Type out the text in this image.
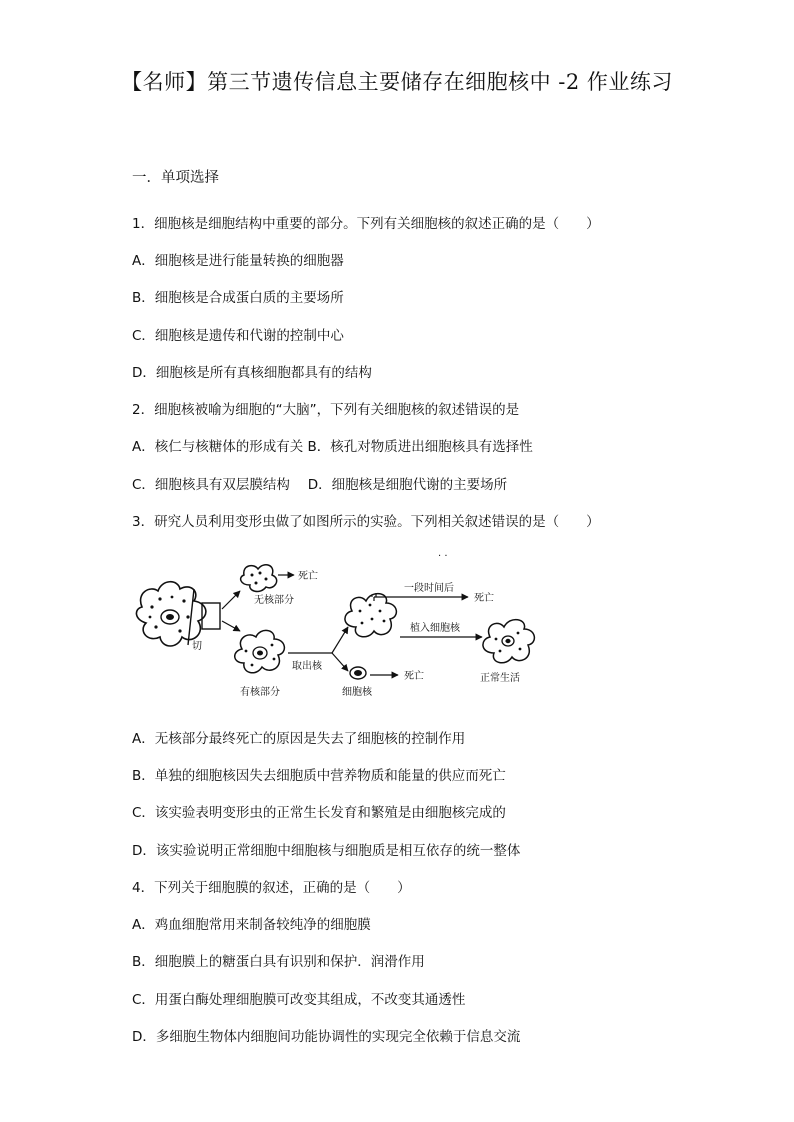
【名师】第三节遗传信息主要储存在细胞核中 -2 作业练习
一．单项选择
1．细胞核是细胞结构中重要的部分。下列有关细胞核的叙述正确的是（　　）
A．细胞核是进行能量转换的细胞器
B．细胞核是合成蛋白质的主要场所
C．细胞核是遗传和代谢的控制中心
D．细胞核是所有真核细胞都具有的结构
2．细胞核被喻为细胞的“大脑”，下列有关细胞核的叙述错误的是
A．核仁与核糖体的形成有关 B．核孔对物质进出细胞核具有选择性
C．细胞核具有双层膜结构　 D．细胞核是细胞代谢的主要场所
3．研究人员利用变形虫做了如图所示的实验。下列相关叙述错误的是（　　）
· ·
切
无核部分
死亡
有核部分
取出核
一段时间后
死亡
植入细胞核
正常生活
细胞核
死亡
A．无核部分最终死亡的原因是失去了细胞核的控制作用
B．单独的细胞核因失去细胞质中营养物质和能量的供应而死亡
C．该实验表明变形虫的正常生长发育和繁殖是由细胞核完成的
D．该实验说明正常细胞中细胞核与细胞质是相互依存的统一整体
4．下列关于细胞膜的叙述，正确的是（　　）
A．鸡血细胞常用来制备较纯净的细胞膜
B．细胞膜上的糖蛋白具有识别和保护．润滑作用
C．用蛋白酶处理细胞膜可改变其组成，不改变其通透性
D．多细胞生物体内细胞间功能协调性的实现完全依赖于信息交流
